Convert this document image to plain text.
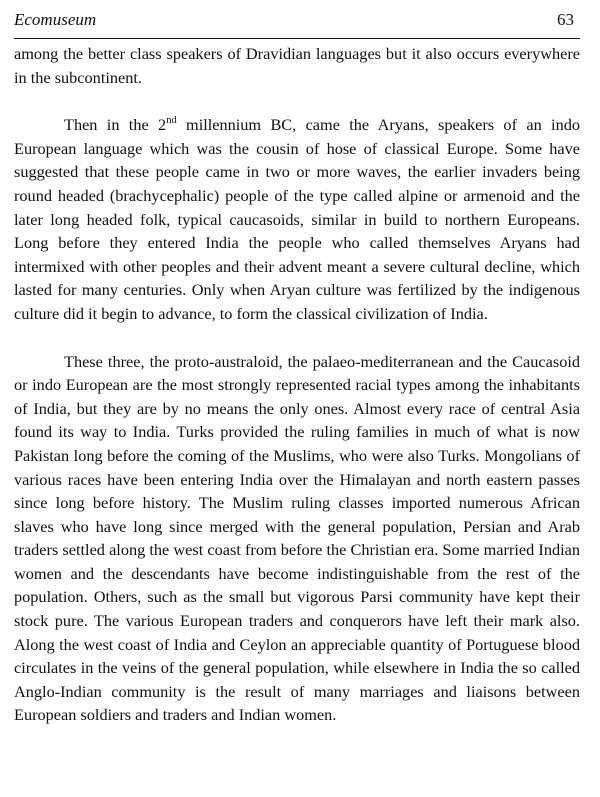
Ecomuseum	63

among the better class speakers of Dravidian languages but it also occurs everywhere in the subcontinent.

Then in the 2nd millennium BC, came the Aryans, speakers of an indo European language which was the cousin of hose of classical Europe. Some have suggested that these people came in two or more waves, the earlier invaders being round headed (brachycephalic) people of the type called alpine or armenoid and the later long headed folk, typical caucasoids, similar in build to northern Europeans. Long before they entered India the people who called themselves Aryans had intermixed with other peoples and their advent meant a severe cultural decline, which lasted for many centuries. Only when Aryan culture was fertilized by the indigenous culture did it begin to advance, to form the classical civilization of India.

These three, the proto-australoid, the palaeo-mediterranean and the Caucasoid or indo European are the most strongly represented racial types among the inhabitants of India, but they are by no means the only ones. Almost every race of central Asia found its way to India. Turks provided the ruling families in much of what is now Pakistan long before the coming of the Muslims, who were also Turks. Mongolians of various races have been entering India over the Himalayan and north eastern passes since long before history. The Muslim ruling classes imported numerous African slaves who have long since merged with the general population, Persian and Arab traders settled along the west coast from before the Christian era. Some married Indian women and the descendants have become indistinguishable from the rest of the population. Others, such as the small but vigorous Parsi community have kept their stock pure. The various European traders and conquerors have left their mark also. Along the west coast of India and Ceylon an appreciable quantity of Portuguese blood circulates in the veins of the general population, while elsewhere in India the so called Anglo-Indian community is the result of many marriages and liaisons between European soldiers and traders and Indian women.
